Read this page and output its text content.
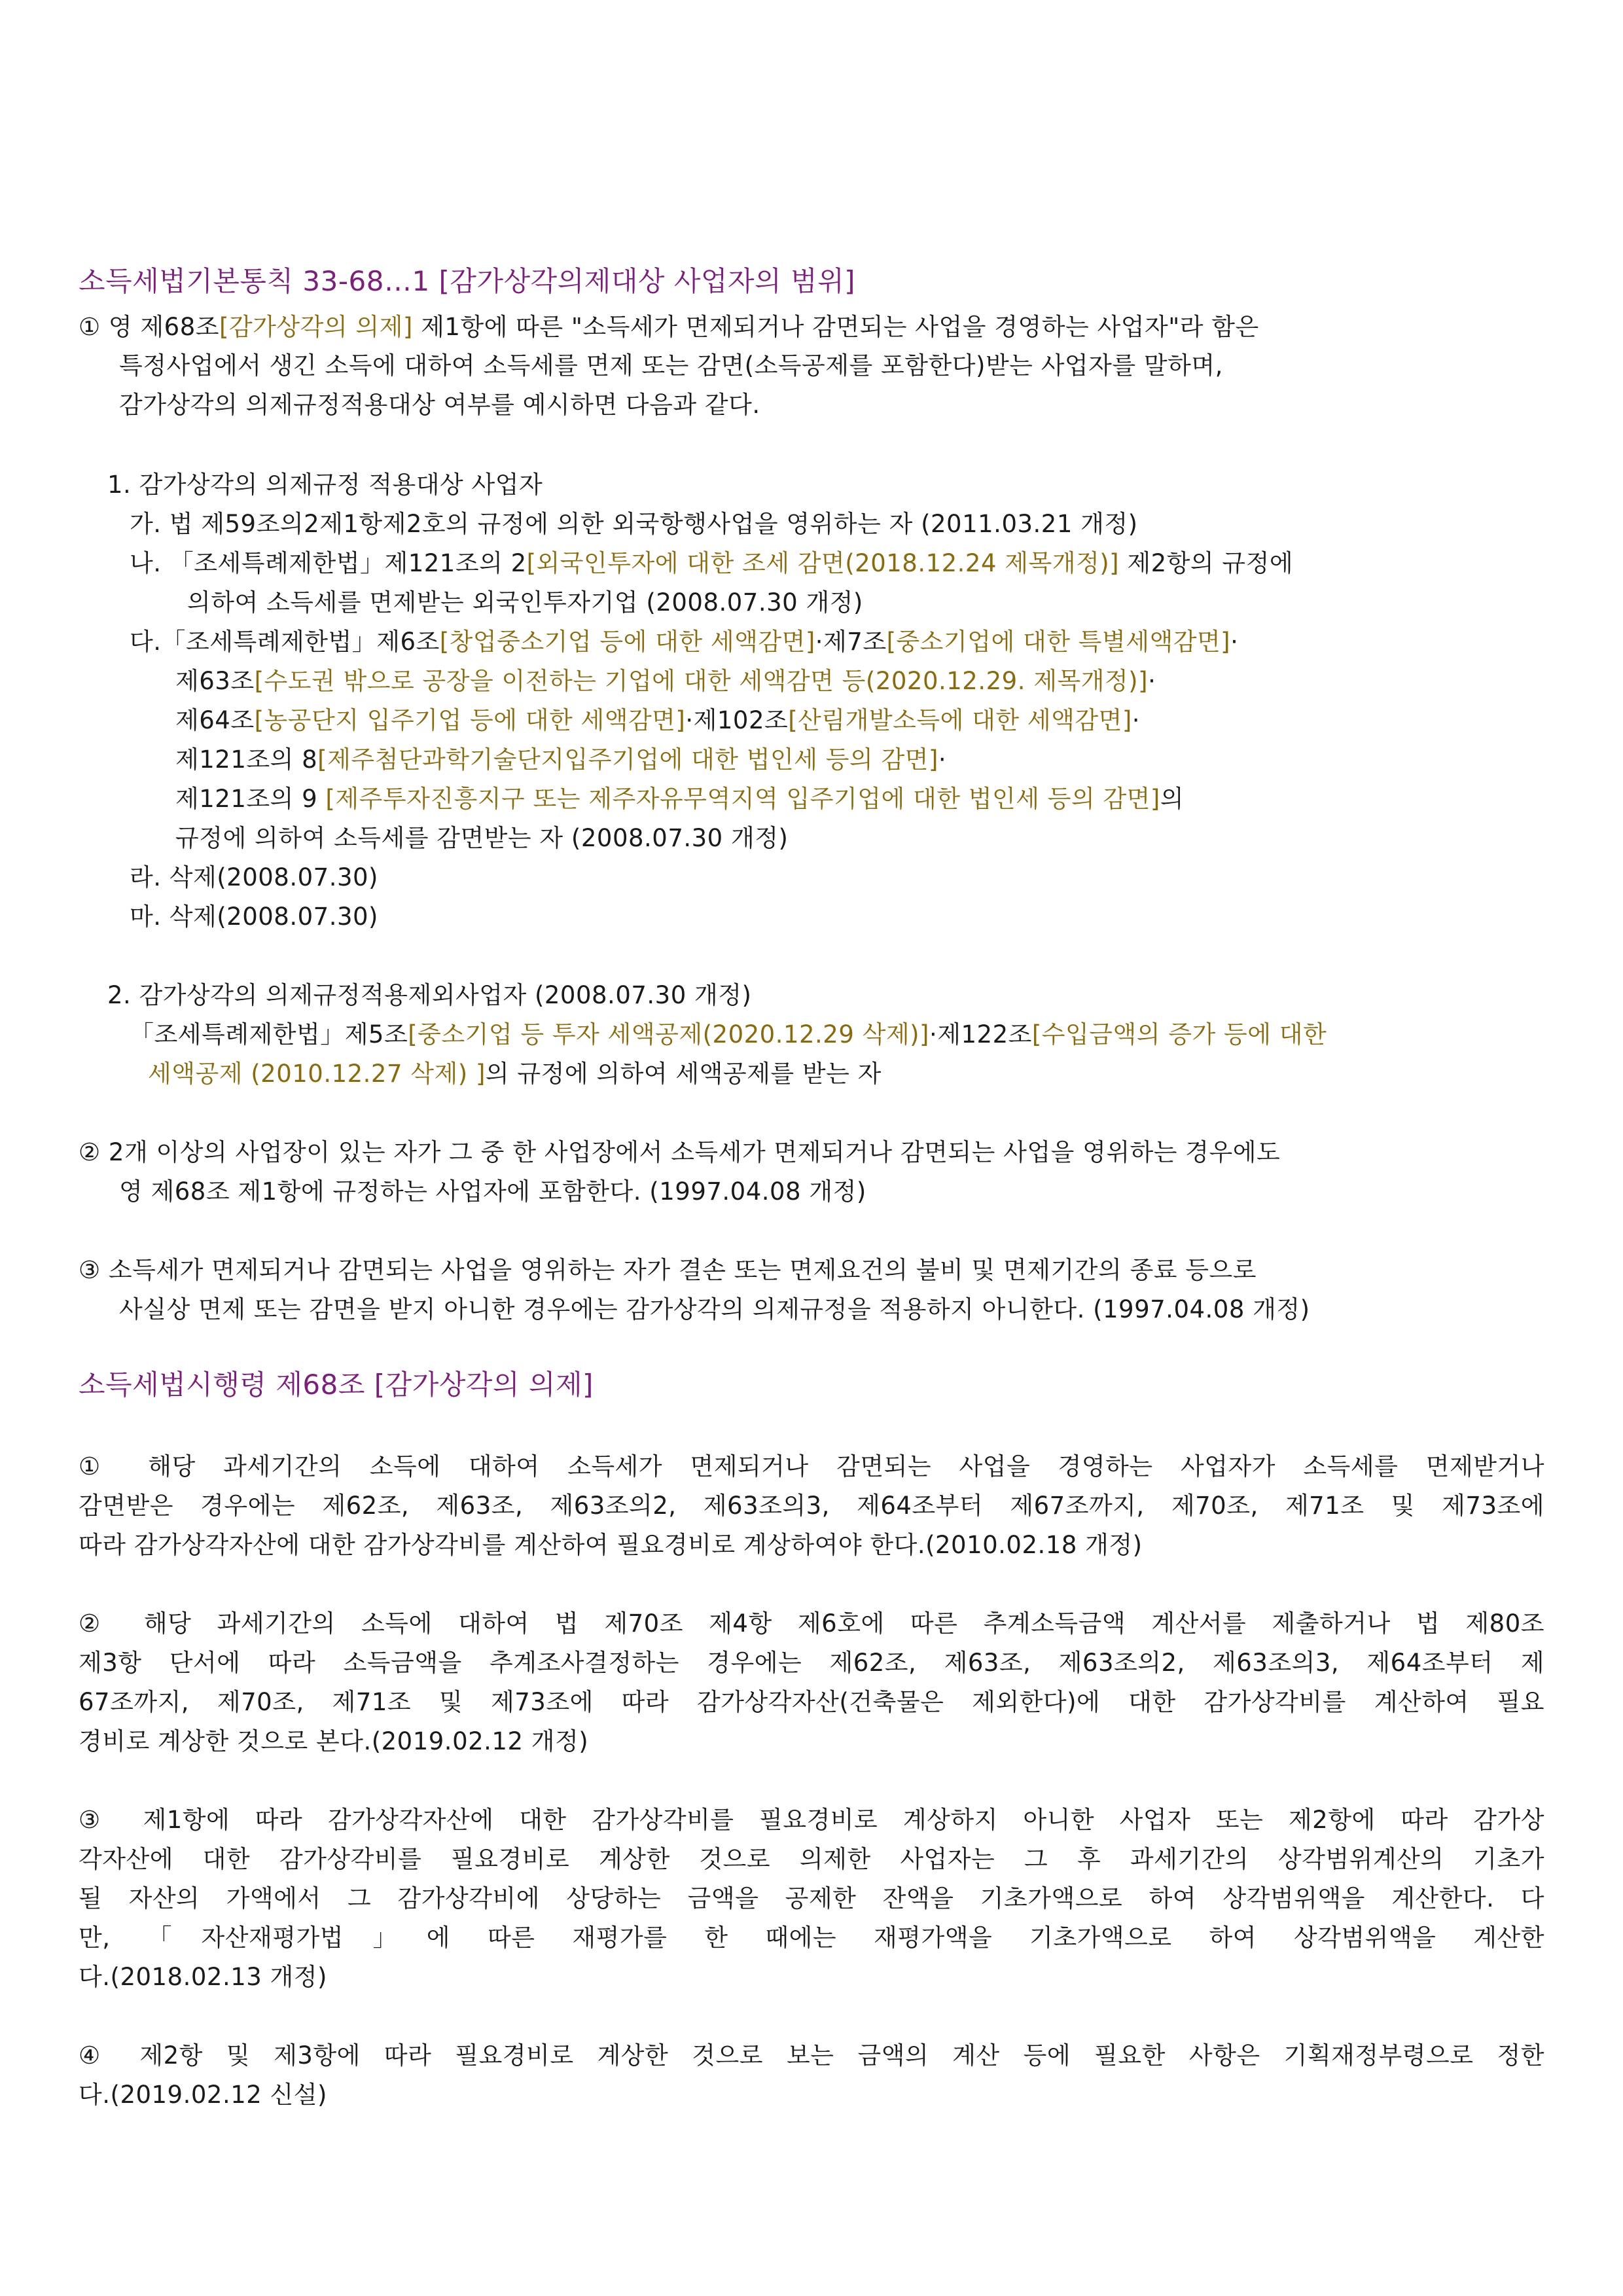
소득세법기본통칙 33-68…1 [감가상각의제대상 사업자의 범위]
① 영 제68조[감가상각의 의제] 제1항에 따른 "소득세가 면제되거나 감면되는 사업을 경영하는 사업자"라 함은
특정사업에서 생긴 소득에 대하여 소득세를 면제 또는 감면(소득공제를 포함한다)받는 사업자를 말하며,
감가상각의 의제규정적용대상 여부를 예시하면 다음과 같다.
1. 감가상각의 의제규정 적용대상 사업자
가. 법 제59조의2제1항제2호의 규정에 의한 외국항행사업을 영위하는 자 (2011.03.21 개정)
나. 「조세특례제한법」제121조의 2[외국인투자에 대한 조세 감면(2018.12.24 제목개정)] 제2항의 규정에
의하여 소득세를 면제받는 외국인투자기업 (2008.07.30 개정)
다.「조세특례제한법」제6조[창업중소기업 등에 대한 세액감면]·제7조[중소기업에 대한 특별세액감면]·
제63조[수도권 밖으로 공장을 이전하는 기업에 대한 세액감면 등(2020.12.29. 제목개정)]·
제64조[농공단지 입주기업 등에 대한 세액감면]·제102조[산림개발소득에 대한 세액감면]·
제121조의 8[제주첨단과학기술단지입주기업에 대한 법인세 등의 감면]·
제121조의 9 [제주투자진흥지구 또는 제주자유무역지역 입주기업에 대한 법인세 등의 감면]의
규정에 의하여 소득세를 감면받는 자 (2008.07.30 개정)
라. 삭제(2008.07.30)
마. 삭제(2008.07.30)
2. 감가상각의 의제규정적용제외사업자 (2008.07.30 개정)
「조세특례제한법」제5조[중소기업 등 투자 세액공제(2020.12.29 삭제)]·제122조[수입금액의 증가 등에 대한
세액공제 (2010.12.27 삭제) ]의 규정에 의하여 세액공제를 받는 자
② 2개 이상의 사업장이 있는 자가 그 중 한 사업장에서 소득세가 면제되거나 감면되는 사업을 영위하는 경우에도
영 제68조 제1항에 규정하는 사업자에 포함한다. (1997.04.08 개정)
③ 소득세가 면제되거나 감면되는 사업을 영위하는 자가 결손 또는 면제요건의 불비 및 면제기간의 종료 등으로
사실상 면제 또는 감면을 받지 아니한 경우에는 감가상각의 의제규정을 적용하지 아니한다. (1997.04.08 개정)
소득세법시행령 제68조 [감가상각의 의제]
① 해당 과세기간의 소득에 대하여 소득세가 면제되거나 감면되는 사업을 경영하는 사업자가 소득세를 면제받거나
감면받은 경우에는 제62조, 제63조, 제63조의2, 제63조의3, 제64조부터 제67조까지, 제70조, 제71조 및 제73조에
따라 감가상각자산에 대한 감가상각비를 계산하여 필요경비로 계상하여야 한다.(2010.02.18 개정)
② 해당 과세기간의 소득에 대하여 법 제70조 제4항 제6호에 따른 추계소득금액 계산서를 제출하거나 법 제80조
제3항 단서에 따라 소득금액을 추계조사결정하는 경우에는 제62조, 제63조, 제63조의2, 제63조의3, 제64조부터 제
67조까지, 제70조, 제71조 및 제73조에 따라 감가상각자산(건축물은 제외한다)에 대한 감가상각비를 계산하여 필요
경비로 계상한 것으로 본다.(2019.02.12 개정)
③ 제1항에 따라 감가상각자산에 대한 감가상각비를 필요경비로 계상하지 아니한 사업자 또는 제2항에 따라 감가상
각자산에 대한 감가상각비를 필요경비로 계상한 것으로 의제한 사업자는 그 후 과세기간의 상각범위계산의 기초가
될 자산의 가액에서 그 감가상각비에 상당하는 금액을 공제한 잔액을 기초가액으로 하여 상각범위액을 계산한다. 다
만, 「자산재평가법」에 따른 재평가를 한 때에는 재평가액을 기초가액으로 하여 상각범위액을 계산한
다.(2018.02.13 개정)
④ 제2항 및 제3항에 따라 필요경비로 계상한 것으로 보는 금액의 계산 등에 필요한 사항은 기획재정부령으로 정한
다.(2019.02.12 신설)
